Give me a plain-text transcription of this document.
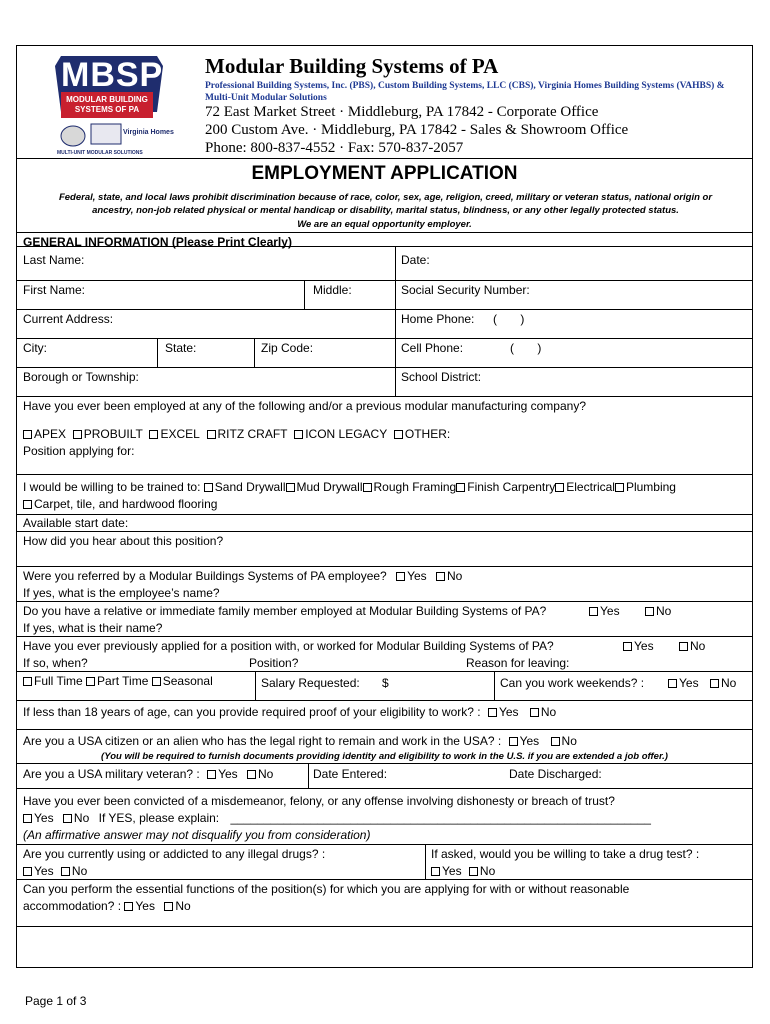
MBSP
MODULAR BUILDING
SYSTEMS OF PA
Virginia Homes
MULTI-UNIT MODULAR SOLUTIONS
Modular Building Systems of PA
Professional Building Systems, Inc. (PBS), Custom Building Systems, LLC (CBS), Virginia Homes Building Systems (VAHBS) & Multi-Unit Modular Solutions
72 East Market Street · Middleburg, PA 17842 - Corporate Office
200 Custom Ave. · Middleburg, PA 17842 - Sales & Showroom Office
Phone: 800-837-4552 · Fax: 570-837-2057
EMPLOYMENT APPLICATION
Federal, state, and local laws prohibit discrimination because of race, color, sex, age, religion, creed, military or veteran status, national origin or ancestry, non-job related physical or mental handicap or disability, marital status, blindness, or any other legally protected status.
We are an equal opportunity employer.
GENERAL INFORMATION (Please Print Clearly)
Last Name:	Date:
First Name:	Middle:	Social Security Number:
Current Address:	Home Phone: (       )
City:	State:	Zip Code:	Cell Phone:	(       )
Borough or Township:	School District:
Have you ever been employed at any of the following and/or a previous modular manufacturing company?
APEX PROBUILT EXCEL RITZ CRAFT ICON LEGACY OTHER:
Position applying for:
I would be willing to be trained to: Sand Drywall Mud Drywall Rough Framing Finish Carpentry Electrical Plumbing
Carpet, tile, and hardwood flooring
Available start date:
How did you hear about this position?
Were you referred by a Modular Buildings Systems of PA employee? Yes No
If yes, what is the employee’s name?
Do you have a relative or immediate family member employed at Modular Building Systems of PA?	Yes	No
If yes, what is their name?
Have you ever previously applied for a position with, or worked for Modular Building Systems of PA?	Yes	No
If so, when?	Position?	Reason for leaving:
Full Time Part Time Seasonal	Salary Requested: $	Can you work weekends? :	Yes	No
If less than 18 years of age, can you provide required proof of your eligibility to work? : Yes No
Are you a USA citizen or an alien who has the legal right to remain and work in the USA? : Yes No
(You will be required to furnish documents providing identity and eligibility to work in the U.S. if you are extended a job offer.)
Are you a USA military veteran? : Yes No	Date Entered:	Date Discharged:
Have you ever been convicted of a misdemeanor, felony, or any offense involving dishonesty or breach of trust?
Yes No If YES, please explain: _______________________________________________________________
(An affirmative answer may not disqualify you from consideration)
Are you currently using or addicted to any illegal drugs? :
Yes No
If asked, would you be willing to take a drug test? :
Yes No
Can you perform the essential functions of the position(s) for which you are applying for with or without reasonable
accommodation? : Yes No
Page 1 of 3
